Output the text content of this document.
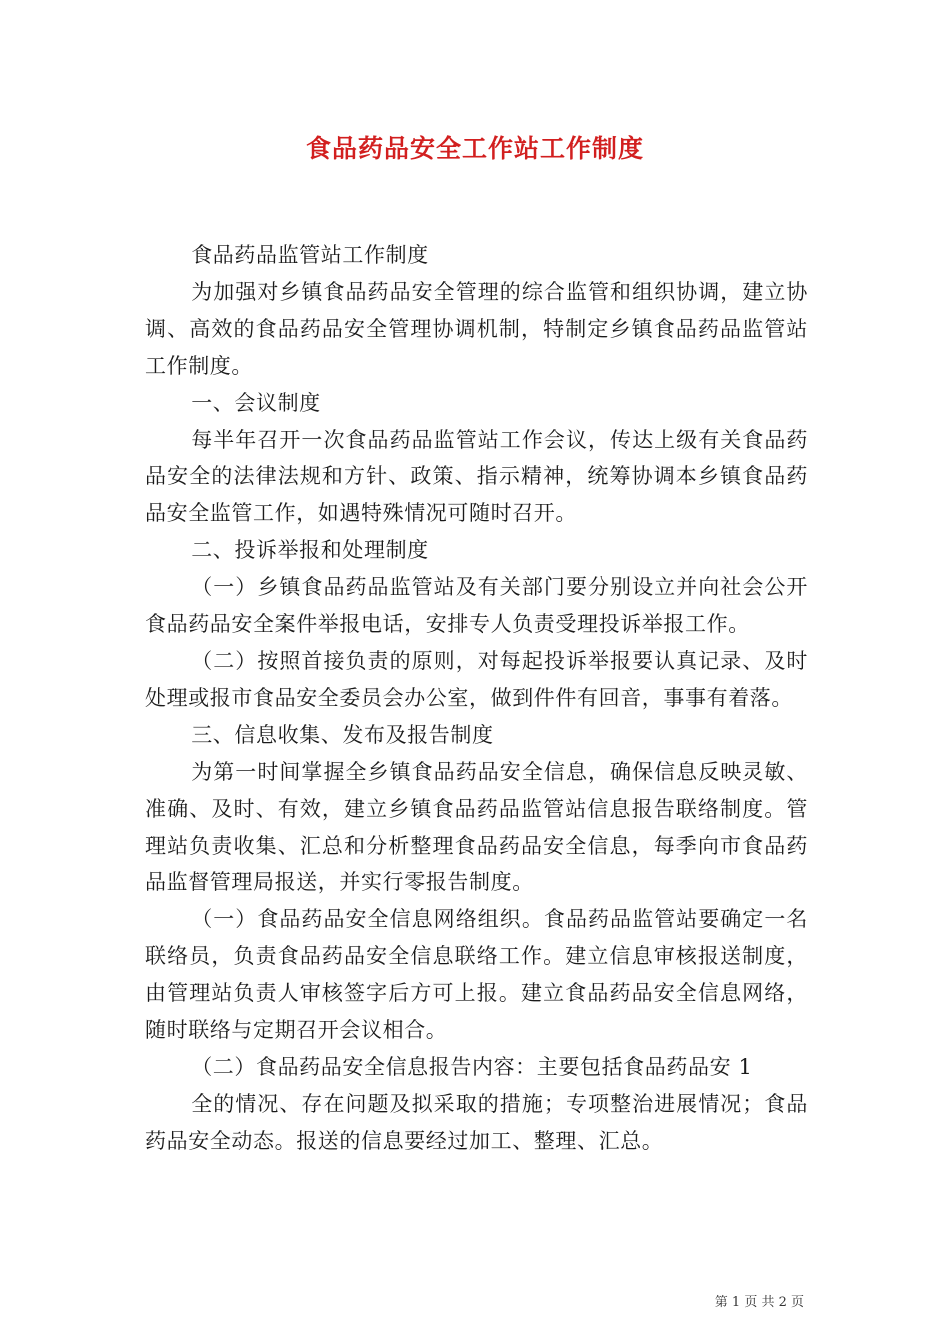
食品药品安全工作站工作制度

食品药品监管站工作制度

为加强对乡镇食品药品安全管理的综合监管和组织协调，建立协调、高效的食品药品安全管理协调机制，特制定乡镇食品药品监管站工作制度。

一、会议制度

每半年召开一次食品药品监管站工作会议，传达上级有关食品药品安全的法律法规和方针、政策、指示精神，统筹协调本乡镇食品药品安全监管工作，如遇特殊情况可随时召开。

二、投诉举报和处理制度

（一）乡镇食品药品监管站及有关部门要分别设立并向社会公开食品药品安全案件举报电话，安排专人负责受理投诉举报工作。

（二）按照首接负责的原则，对每起投诉举报要认真记录、及时处理或报市食品安全委员会办公室，做到件件有回音，事事有着落。

三、信息收集、发布及报告制度

为第一时间掌握全乡镇食品药品安全信息，确保信息反映灵敏、准确、及时、有效，建立乡镇食品药品监管站信息报告联络制度。管理站负责收集、汇总和分析整理食品药品安全信息，每季向市食品药品监督管理局报送，并实行零报告制度。

（一）食品药品安全信息网络组织。食品药品监管站要确定一名联络员，负责食品药品安全信息联络工作。建立信息审核报送制度，由管理站负责人审核签字后方可上报。建立食品药品安全信息网络，随时联络与定期召开会议相合。

（二）食品药品安全信息报告内容：主要包括食品药品安 1

全的情况、存在问题及拟采取的措施；专项整治进展情况；食品药品安全动态。报送的信息要经过加工、整理、汇总。

第 1 页 共 2 页
